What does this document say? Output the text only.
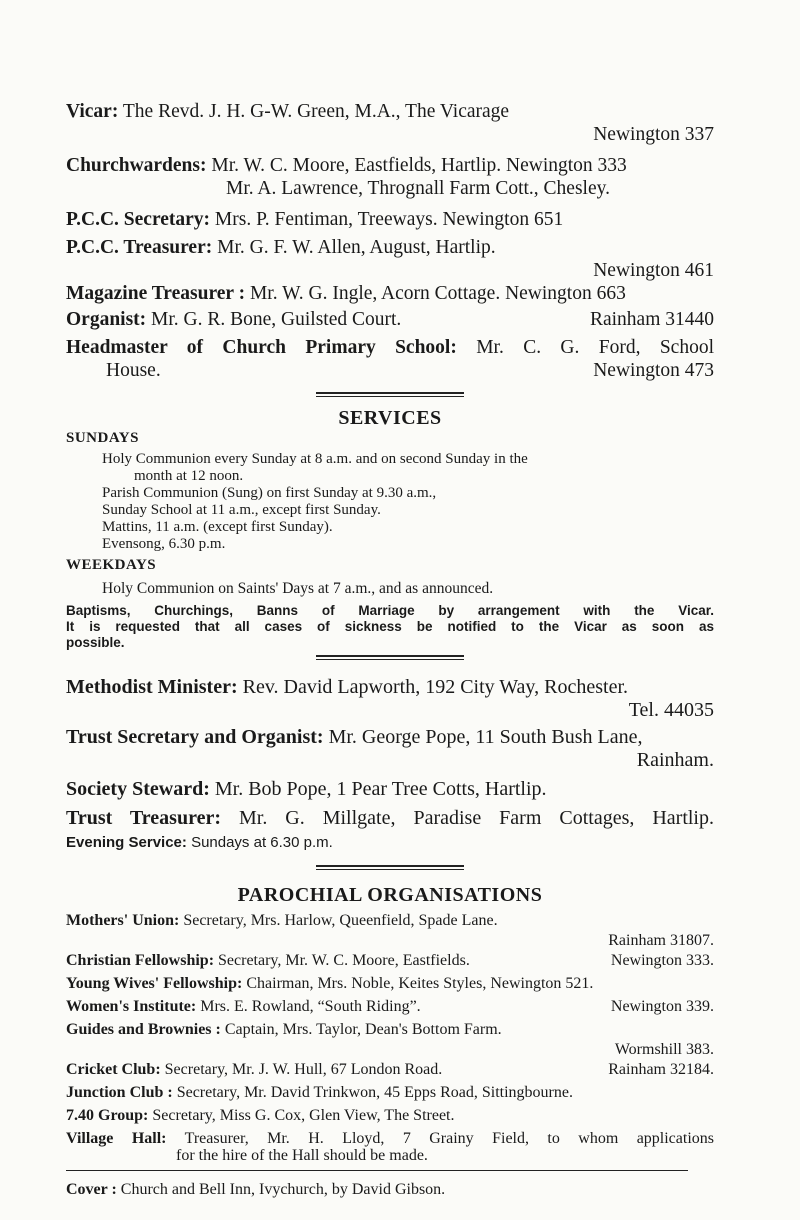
Vicar: The Revd. J. H. G-W. Green, M.A., The Vicarage
Newington 337
Churchwardens: Mr. W. C. Moore, Eastfields, Hartlip. Newington 333
Mr. A. Lawrence, Thrognall Farm Cott., Chesley.
P.C.C. Secretary: Mrs. P. Fentiman, Treeways. Newington 651
P.C.C. Treasurer: Mr. G. F. W. Allen, August, Hartlip.
Newington 461
Magazine Treasurer : Mr. W. G. Ingle, Acorn Cottage. Newington 663
Organist: Mr. G. R. Bone, Guilsted Court.	Rainham 31440
Headmaster of Church Primary School: Mr. C. G. Ford, School
House.	Newington 473
SERVICES
SUNDAYS
Holy Communion every Sunday at 8 a.m. and on second Sunday in the
month at 12 noon.
Parish Communion (Sung) on first Sunday at 9.30 a.m.,
Sunday School at 11 a.m., except first Sunday.
Mattins, 11 a.m. (except first Sunday).
Evensong, 6.30 p.m.
WEEKDAYS
Holy Communion on Saints' Days at 7 a.m., and as announced.
Baptisms, Churchings, Banns of Marriage by arrangement with the Vicar.
It is requested that all cases of sickness be notified to the Vicar as soon as
possible.
Methodist Minister: Rev. David Lapworth, 192 City Way, Rochester.
Tel. 44035
Trust Secretary and Organist: Mr. George Pope, 11 South Bush Lane,
Rainham.
Society Steward: Mr. Bob Pope, 1 Pear Tree Cotts, Hartlip.
Trust Treasurer: Mr. G. Millgate, Paradise Farm Cottages, Hartlip.
Evening Service: Sundays at 6.30 p.m.
PAROCHIAL ORGANISATIONS
Mothers' Union: Secretary, Mrs. Harlow, Queenfield, Spade Lane.
Rainham 31807.
Christian Fellowship: Secretary, Mr. W. C. Moore, Eastfields.	Newington 333.
Young Wives' Fellowship: Chairman, Mrs. Noble, Keites Styles, Newington 521.
Women's Institute: Mrs. E. Rowland, “South Riding”.	Newington 339.
Guides and Brownies : Captain, Mrs. Taylor, Dean's Bottom Farm.
Wormshill 383.
Cricket Club: Secretary, Mr. J. W. Hull, 67 London Road.	Rainham 32184.
Junction Club : Secretary, Mr. David Trinkwon, 45 Epps Road, Sittingbourne.
7.40 Group: Secretary, Miss G. Cox, Glen View, The Street.
Village Hall: Treasurer, Mr. H. Lloyd, 7 Grainy Field, to whom applications
for the hire of the Hall should be made.
Cover : Church and Bell Inn, Ivychurch, by David Gibson.
